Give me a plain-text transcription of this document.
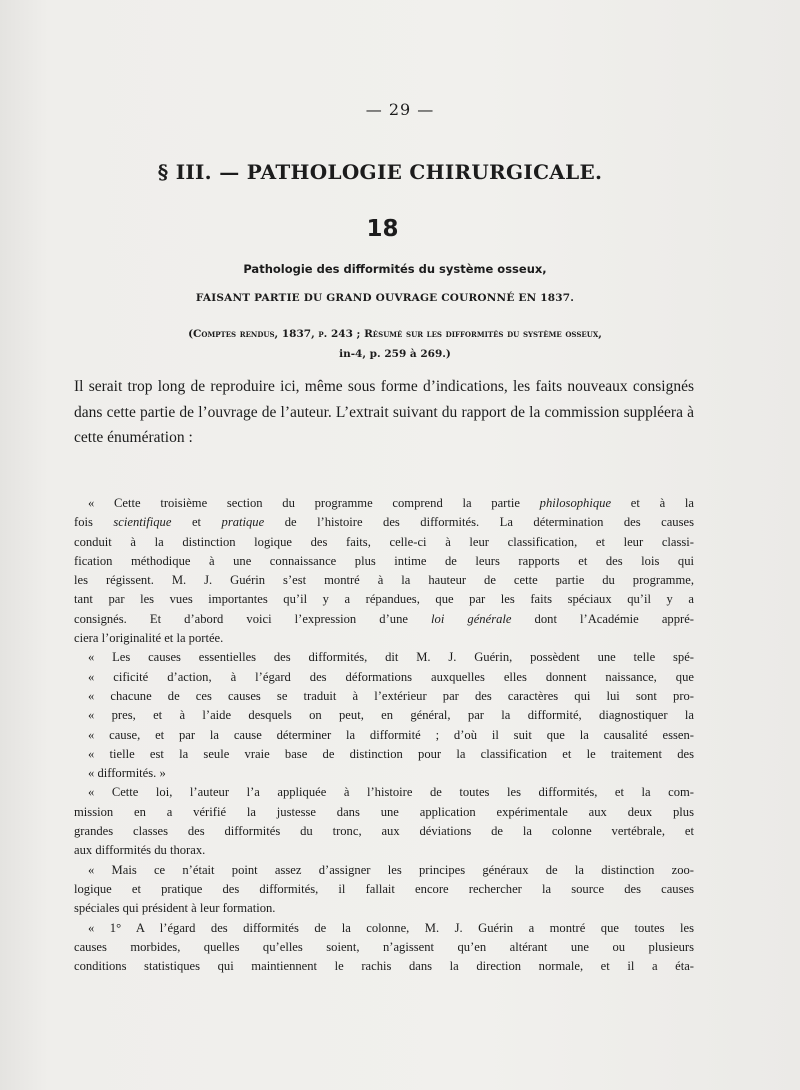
— 29 —
§ III. — PATHOLOGIE CHIRURGICALE.
18
Pathologie des difformités du système osseux,
FAISANT PARTIE DU GRAND OUVRAGE COURONNÉ EN 1837.
(Comptes rendus, 1837, p. 243 ; Résumé sur les difformités du système osseux,
in-4, p. 259 à 269.)

Il serait trop long de reproduire ici, même sous forme d’indications, les faits nouveaux consignés dans cette partie de l’ouvrage de l’auteur. L’extrait suivant du rapport de la commission suppléera à cette énumération :

« Cette troisième section du programme comprend la partie philosophique et à la
fois scientifique et pratique de l’histoire des difformités. La détermination des causes
conduit à la distinction logique des faits, celle-ci à leur classification, et leur classi-
fication méthodique à une connaissance plus intime de leurs rapports et des lois qui
les régissent. M. J. Guérin s’est montré à la hauteur de cette partie du programme,
tant par les vues importantes qu’il y a répandues, que par les faits spéciaux qu’il y a
consignés. Et d’abord voici l’expression d’une loi générale dont l’Académie appré-
ciera l’originalité et la portée.
« Les causes essentielles des difformités, dit M. J. Guérin, possèdent une telle spé-
« cificité d’action, à l’égard des déformations auxquelles elles donnent naissance, que
« chacune de ces causes se traduit à l’extérieur par des caractères qui lui sont pro-
« pres, et à l’aide desquels on peut, en général, par la difformité, diagnostiquer la
« cause, et par la cause déterminer la difformité ; d’où il suit que la causalité essen-
« tielle est la seule vraie base de distinction pour la classification et le traitement des
« difformités. »
« Cette loi, l’auteur l’a appliquée à l’histoire de toutes les difformités, et la com-
mission en a vérifié la justesse dans une application expérimentale aux deux plus
grandes classes des difformités du tronc, aux déviations de la colonne vertébrale, et
aux difformités du thorax.
« Mais ce n’était point assez d’assigner les principes généraux de la distinction zoo-
logique et pratique des difformités, il fallait encore rechercher la source des causes
spéciales qui président à leur formation.
« 1° A l’égard des difformités de la colonne, M. J. Guérin a montré que toutes les
causes morbides, quelles qu’elles soient, n’agissent qu’en altérant une ou plusieurs
conditions statistiques qui maintiennent le rachis dans la direction normale, et il a éta-
